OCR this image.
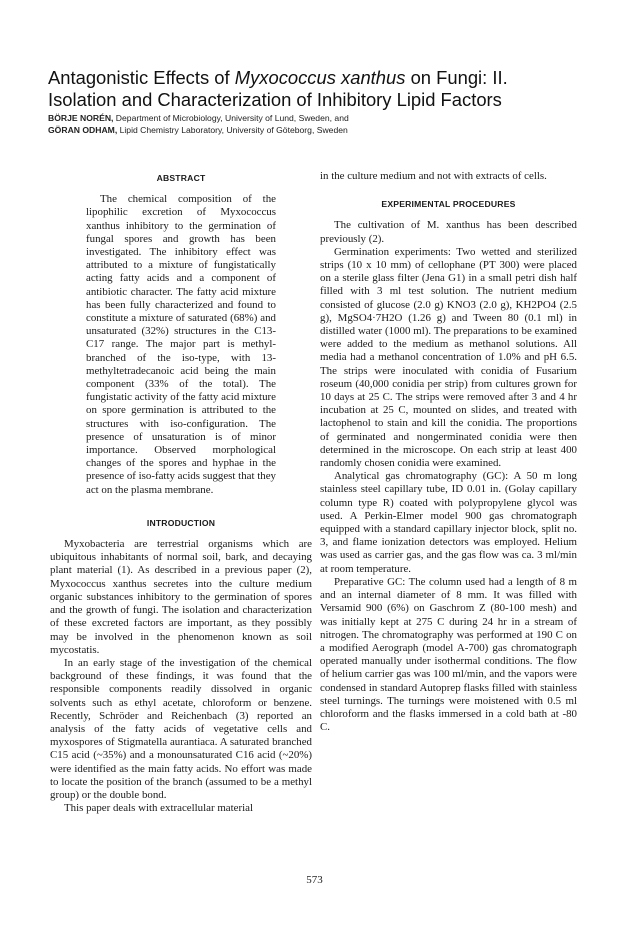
Antagonistic Effects of Myxococcus xanthus on Fungi: II.
Isolation and Characterization of Inhibitory Lipid Factors
BÖRJE NORÉN, Department of Microbiology, University of Lund, Sweden, and
GÖRAN ODHAM, Lipid Chemistry Laboratory, University of Göteborg, Sweden
ABSTRACT

The chemical composition of the lipophilic excretion of Myxococcus xanthus inhibitory to the germination of fungal spores and growth has been investigated. The inhibitory effect was attributed to a mixture of fungistatically acting fatty acids and a component of antibiotic character. The fatty acid mixture has been fully characterized and found to constitute a mixture of saturated (68%) and unsaturated (32%) structures in the C13-C17 range. The major part is methyl-branched of the iso-type, with 13-methyltetradecanoic acid being the main component (33% of the total). The fungistatic activity of the fatty acid mixture on spore germination is attributed to the structures with iso-configuration. The presence of unsaturation is of minor importance. Observed morphological changes of the spores and hyphae in the presence of iso-fatty acids suggest that they act on the plasma membrane.

INTRODUCTION

Myxobacteria are terrestrial organisms which are ubiquitous inhabitants of normal soil, bark, and decaying plant material (1). As described in a previous paper (2), Myxococcus xanthus secretes into the culture medium organic substances inhibitory to the germination of spores and the growth of fungi. The isolation and characterization of these excreted factors are important, as they possibly may be involved in the phenomenon known as soil mycostatis.

In an early stage of the investigation of the chemical background of these findings, it was found that the responsible components readily dissolved in organic solvents such as ethyl acetate, chloroform or benzene. Recently, Schröder and Reichenbach (3) reported an analysis of the fatty acids of vegetative cells and myxospores of Stigmatella aurantiaca. A saturated branched C15 acid (~35%) and a monounsaturated C16 acid (~20%) were identified as the main fatty acids. No effort was made to locate the position of the branch (assumed to be a methyl group) or the double bond.

This paper deals with extracellular material

in the culture medium and not with extracts of cells.

EXPERIMENTAL PROCEDURES

The cultivation of M. xanthus has been described previously (2).

Germination experiments: Two wetted and sterilized strips (10 x 10 mm) of cellophane (PT 300) were placed on a sterile glass filter (Jena G1) in a small petri dish half filled with 3 ml test solution. The nutrient medium consisted of glucose (2.0 g) KNO3 (2.0 g), KH2PO4 (2.5 g), MgSO4·7H2O (1.26 g) and Tween 80 (0.1 ml) in distilled water (1000 ml). The preparations to be examined were added to the medium as methanol solutions. All media had a methanol concentration of 1.0% and pH 6.5. The strips were inoculated with conidia of Fusarium roseum (40,000 conidia per strip) from cultures grown for 10 days at 25 C. The strips were removed after 3 and 4 hr incubation at 25 C, mounted on slides, and treated with lactophenol to stain and kill the conidia. The proportions of germinated and nongerminated conidia were then determined in the microscope. On each strip at least 400 randomly chosen conidia were examined.

Analytical gas chromatography (GC): A 50 m long stainless steel capillary tube, ID 0.01 in. (Golay capillary column type R) coated with polypropylene glycol was used. A Perkin-Elmer model 900 gas chromatograph equipped with a standard capillary injector block, split no. 3, and flame ionization detectors was employed. Helium was used as carrier gas, and the gas flow was ca. 3 ml/min at room temperature.

Preparative GC: The column used had a length of 8 m and an internal diameter of 8 mm. It was filled with Versamid 900 (6%) on Gaschrom Z (80-100 mesh) and was initially kept at 275 C during 24 hr in a stream of nitrogen. The chromatography was performed at 190 C on a modified Aerograph (model A-700) gas chromatograph operated manually under isothermal conditions. The flow of helium carrier gas was 100 ml/min, and the vapors were condensed in standard Autoprep flasks filled with stainless steel turnings. The turnings were moistened with 0.5 ml chloroform and the flasks immersed in a cold bath at -80 C.

573
